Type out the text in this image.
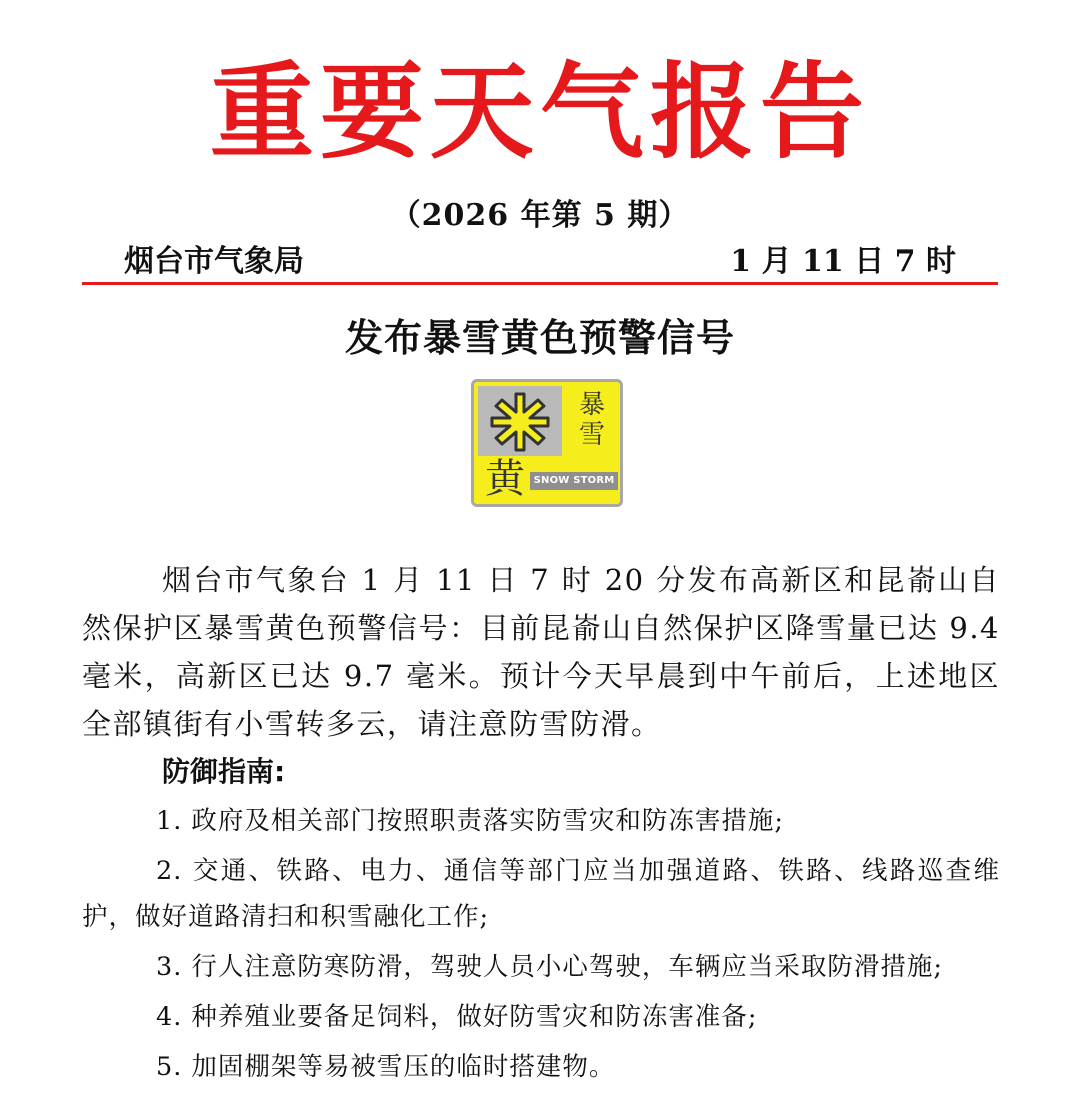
重要天气报告
（2026 年第 5 期）
烟台市气象局	1 月 11 日 7 时
发布暴雪黄色预警信号
暴
雪
黄 SNOW STORM
烟台市气象台 1 月 11 日 7 时 20 分发布高新区和昆嵛山自然保护区暴雪黄色预警信号：目前昆嵛山自然保护区降雪量已达 9.4 毫米，高新区已达 9.7 毫米。预计今天早晨到中午前后，上述地区全部镇街有小雪转多云，请注意防雪防滑。
防御指南:
1. 政府及相关部门按照职责落实防雪灾和防冻害措施;
2. 交通、铁路、电力、通信等部门应当加强道路、铁路、线路巡查维护，做好道路清扫和积雪融化工作;
3. 行人注意防寒防滑，驾驶人员小心驾驶，车辆应当采取防滑措施;
4. 种养殖业要备足饲料，做好防雪灾和防冻害准备;
5. 加固棚架等易被雪压的临时搭建物。
